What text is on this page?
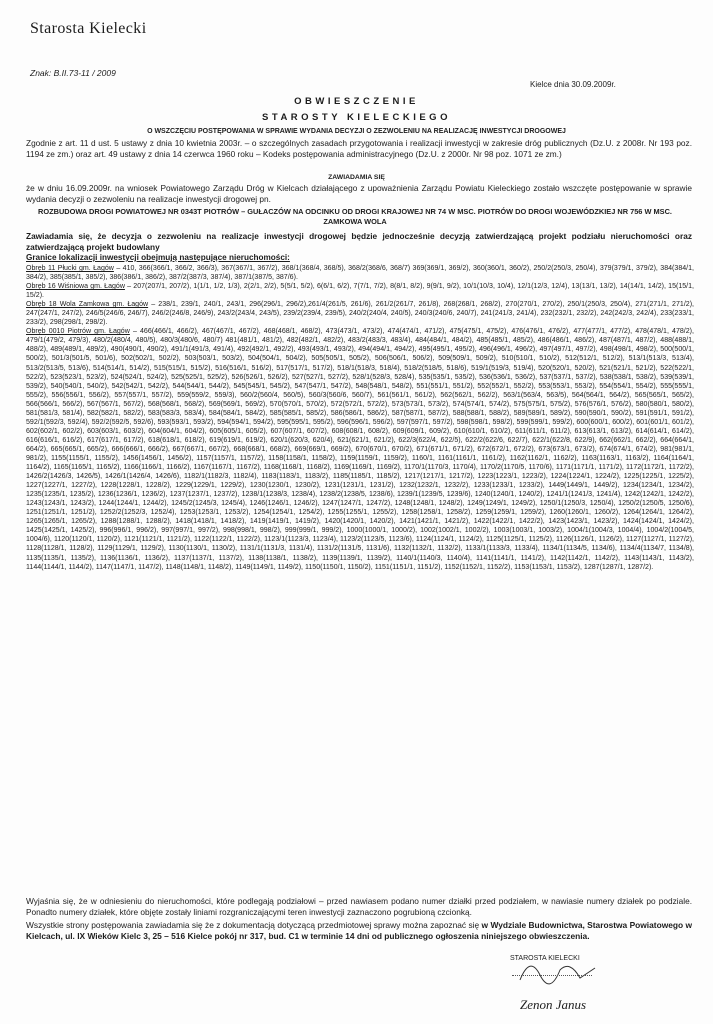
Starosta Kielecki
Znak: B.II.73-11 / 2009
Kielce dnia 30.09.2009r.
OBWIESZCZENIE
STAROSTY KIELECKIEGO
O WSZCZĘCIU POSTĘPOWANIA W SPRAWIE WYDANIA DECYZJI O ZEZWOLENIU NA REALIZACJĘ INWESTYCJI DROGOWEJ
Zgodnie z art. 11 d ust. 5 ustawy z dnia 10 kwietnia 2003r. – o szczególnych zasadach przygotowania i realizacji inwestycji w zakresie dróg publicznych (Dz.U. z 2008r. Nr 193 poz. 1194 ze zm.) oraz art. 49 ustawy z dnia 14 czerwca 1960 roku – Kodeks postępowania administracyjnego (Dz.U. z 2000r. Nr 98 poz. 1071 ze zm.)
ZAWIADAMIA SIĘ
że w dniu 16.09.2009r. na wniosek Powiatowego Zarządu Dróg w Kielcach działającego z upoważnienia Zarządu Powiatu Kieleckiego zostało wszczęte postępowanie w sprawie wydania decyzji o zezwoleniu na realizacje inwestycji drogowej pn.
ROZBUDOWA DROGI POWIATOWEJ NR 0343T PIOTRÓW – GUŁACZÓW NA ODCINKU OD DROGI KRAJOWEJ NR 74 W MSC. PIOTRÓW DO DROGI WOJEWÓDZKIEJ NR 756 W MSC. ZAMKOWA WOLA
Zawiadamia się, że decyzja o zezwoleniu na realizacje inwestycji drogowej będzie jednocześnie decyzją zatwierdzającą projekt podziału nieruchomości oraz zatwierdzającą projekt budowlany
Granice lokalizacji inwestycji obejmują następujące nieruchomości:

Obręb 11 Płucki gm. Łagów – 410, 366(366/1, 366/2, 366/3), 367(367/1, 367/2), 368/1(368/4, 368/5), 368/2(368/6, 368/7) 369(369/1, 369/2), 360(360/1, 360/2), 250/2(250/3, 250/4), 379(379/1, 379/2), 384(384/1, 384/2), 385(385/1, 385/2), 386(386/1, 386/2), 387/2(387/3, 387/4), 387/1(387/5, 387/6).

Obręb 16 Wiśniowa gm. Łagów – 207(207/1, 207/2), 1(1/1, 1/2, 1/3), 2(2/1, 2/2), 5(5/1, 5/2), 6(6/1, 6/2), 7(7/1, 7/2), 8(8/1, 8/2), 9(9/1, 9/2), 10/1(10/3, 10/4), 12/1(12/3, 12/4), 13(13/1, 13/2), 14(14/1, 14/2), 15(15/1, 15/2).

Obręb 18 Wola Zamkowa gm. Łagów – 238/1, 239/1, 240/1, 243/1, 296(296/1, 296/2),261/4(261/5, 261/6), 261/2(261/7, 261/8), 268(268/1, 268/2), 270(270/1, 270/2), 250/1(250/3, 250/4), 271(271/1, 271/2), 247(247/1, 247/2), 246/5(246/6, 246/7), 246/2(246/8, 246/9), 243/2(243/4, 243/5), 239/2(239/4, 239/5), 240/2(240/4, 240/5), 240/3(240/6, 240/7), 241(241/3, 241/4), 232(232/1, 232/2), 242(242/3, 242/4), 233(233/1, 233/2), 298(298/1, 298/2).

Obręb 0010 Piotrów gm. Łagów – 466(466/1, 466/2), 467(467/1, 467/2), 468(468/1, 468/2), 473(473/1, 473/2), 474(474/1, 471/2), 475(475/1, 475/2), 476(476/1, 476/2), 477(477/1, 477/2), 478(478/1, 478/2), 479/1(479/2, 479/3), 480/2(480/4, 480/5), 480/3(480/6, 480/7) 481(481/1, 481/2), 482(482/1, 482/2), 483/2(483/3, 483/4), 484(484/1, 484/2), 485(485/1, 485/2), 486(486/1, 486/2), 487(487/1, 487/2), 488(488/1, 488/2), 489(489/1, 489/2), 490(490/1, 490/2), 491/1(491/3, 491/4), 492(492/1, 492/2), 493(493/1, 493/2), 494(494/1, 494/2), 495(495/1, 495/2), 496(496/1, 496/2), 497(497/1, 497/2), 498(498/1, 498/2), 500(500/1, 500/2), 501/3(501/5, 501/6), 502(502/1, 502/2), 503(503/1, 503/2), 504(504/1, 504/2), 505(505/1, 505/2), 506(506/1, 506/2), 509(509/1, 509/2), 510(510/1, 510/2), 512(512/1, 512/2), 513/1(513/3, 513/4), 513/2(513/5, 513/6), 514(514/1, 514/2), 515(515/1, 515/2), 516(516/1, 516/2), 517(517/1, 517/2), 518/1(518/3, 518/4), 518/2(518/5, 518/6), 519/1(519/3, 519/4), 520(520/1, 520/2), 521(521/1, 521/2), 522(522/1, 522/2), 523(523/1, 523/2), 524(524/1, 524/2), 525(525/1, 525/2), 526(526/1, 526/2), 527(527/1, 527/2), 528/1(528/3, 528/4), 535(535/1, 535/2), 536(536/1, 536/2), 537(537/1, 537/2), 538(538/1, 538/2), 539(539/1, 539/2), 540(540/1, 540/2), 542(542/1, 542/2), 544(544/1, 544/2), 545(545/1, 545/2), 547(547/1, 547/2), 548(548/1, 548/2), 551(551/1, 551/2), 552(552/1, 552/2), 553(553/1, 553/2), 554(554/1, 554/2), 555(555/1, 555/2), 556(556/1, 556/2), 557(557/1, 557/2), 559(559/2, 559/3), 560/2(560/4, 560/5), 560/3(560/6, 560/7), 561(561/1, 561/2), 562(562/1, 562/2), 563/1(563/4, 563/5), 564(564/1, 564/2), 565(565/1, 565/2), 566(566/1, 566/2), 567(567/1, 567/2), 568(568/1, 568/2), 569(569/1, 569/2), 570(570/1, 570/2), 572(572/1, 572/2), 573(573/1, 573/2), 574(574/1, 574/2), 575(575/1, 575/2), 576(576/1, 576/2), 580(580/1, 580/2), 581(581/3, 581/4), 582(582/1, 582/2), 583(583/3, 583/4), 584(584/1, 584/2), 585(585/1, 585/2), 586(586/1, 586/2), 587(587/1, 587/2), 588(588/1, 588/2), 589(589/1, 589/2), 590(590/1, 590/2), 591(591/1, 591/2), 592/1(592/3, 592/4), 592/2(592/5, 592/6), 593(593/1, 593/2), 594(594/1, 594/2), 595(595/1, 595/2), 596(596/1, 596/2), 597(597/1, 597/2), 598(598/1, 598/2), 599(599/1, 599/2), 600(600/1, 600/2), 601(601/1, 601/2), 602(602/1, 602/2), 603(603/1, 603/2), 604(604/1, 604/2), 605(605/1, 605/2), 607(607/1, 607/2), 608(608/1, 608/2), 609(609/1, 609/2), 610(610/1, 610/2), 611(611/1, 611/2), 613(613/1, 613/2), 614(614/1, 614/2), 616(616/1, 616/2), 617(617/1, 617/2), 618(618/1, 618/2), 619(619/1, 619/2), 620/1(620/3, 620/4), 621(621/1, 621/2), 622/3(622/4, 622/5), 622/2(622/6, 622/7), 622/1(622/8, 622/9), 662(662/1, 662/2), 664(664/1, 664/2), 665(665/1, 665/2), 666(666/1, 666/2), 667(667/1, 667/2), 668(668/1, 668/2), 669(669/1, 669/2), 670(670/1, 670/2), 671(671/1, 671/2), 672(672/1, 672/2), 673(673/1, 673/2), 674(674/1, 674/2), 981(981/1, 981/2), 1155(1155/1, 1155/2), 1456(1456/1, 1456/2), 1157(1157/1, 1157/2), 1158(1158/1, 1158/2), 1159(1159/1, 1159/2), 1160/1, 1161(1161/1, 1161/2), 1162(1162/1, 1162/2), 1163(1163/1, 1163/2), 1164(1164/1, 1164/2), 1165(1165/1, 1165/2), 1166(1166/1, 1166/2), 1167(1167/1, 1167/2), 1168(1168/1, 1168/2), 1169(1169/1, 1169/2), 1170/1(1170/3, 1170/4), 1170/2(1170/5, 1170/6), 1171(1171/1, 1171/2), 1172(1172/1, 1172/2), 1426/2(1426/3, 1426/5), 1426/1(1426/4, 1426/6), 1182/1(1182/3, 1182/4), 1183(1183/1, 1183/2), 1185(1185/1, 1185/2), 1217(1217/1, 1217/2), 1223(1223/1, 1223/2), 1224(1224/1, 1224/2), 1225(1225/1, 1225/2), 1227(1227/1, 1227/2), 1228(1228/1, 1228/2), 1229(1229/1, 1229/2), 1230(1230/1, 1230/2), 1231(1231/1, 1231/2), 1232(1232/1, 1232/2), 1233(1233/1, 1233/2), 1449(1449/1, 1449/2), 1234(1234/1, 1234/2), 1235(1235/1, 1235/2), 1236(1236/1, 1236/2), 1237(1237/1, 1237/2), 1238/1(1238/3, 1238/4), 1238/2(1238/5, 1238/6), 1239/1(1239/5, 1239/6), 1240(1240/1, 1240/2), 1241/1(1241/3, 1241/4), 1242(1242/1, 1242/2), 1243(1243/1, 1243/2), 1244(1244/1, 1244/2), 1245/2(1245/3, 1245/4), 1246(1246/1, 1246/2), 1247(1247/1, 1247/2), 1248(1248/1, 1248/2), 1249(1249/1, 1249/2), 1250/1(1250/3, 1250/4), 1250/2(1250/5, 1250/6), 1251(1251/1, 1251/2), 1252/2(1252/3, 1252/4), 1253(1253/1, 1253/2), 1254(1254/1, 1254/2), 1255(1255/1, 1255/2), 1258(1258/1, 1258/2), 1259(1259/1, 1259/2), 1260(1260/1, 1260/2), 1264(1264/1, 1264/2), 1265(1265/1, 1265/2), 1288(1288/1, 1288/2), 1418(1418/1, 1418/2), 1419(1419/1, 1419/2), 1420(1420/1, 1420/2), 1421(1421/1, 1421/2), 1422(1422/1, 1422/2), 1423(1423/1, 1423/2), 1424(1424/1, 1424/2), 1425(1425/1, 1425/2), 996(996/1, 996/2), 997(997/1, 997/2), 998(998/1, 998/2), 999(999/1, 999/2), 1000(1000/1, 1000/2), 1002(1002/1, 1002/2), 1003(1003/1, 1003/2), 1004/1(1004/3, 1004/4), 1004/2(1004/5, 1004/6), 1120(1120/1, 1120/2), 1121(1121/1, 1121/2), 1122(1122/1, 1122/2), 1123/1(1123/3, 1123/4), 1123/2(1123/5, 1123/6), 1124(1124/1, 1124/2), 1125(1125/1, 1125/2), 1126(1126/1, 1126/2), 1127(1127/1, 1127/2), 1128(1128/1, 1128/2), 1129(1129/1, 1129/2), 1130(1130/1, 1130/2), 1131/1(1131/3, 1131/4), 1131/2(1131/5, 1131/6), 1132(1132/1, 1132/2), 1133/1(1133/3, 1133/4), 1134/1(1134/5, 1134/6), 1134/4(1134/7, 1134/8), 1135(1135/1, 1135/2), 1136(1136/1, 1136/2), 1137(1137/1, 1137/2), 1138(1138/1, 1138/2), 1139(1139/1, 1139/2), 1140/1(1140/3, 1140/4), 1141(1141/1, 1141/2), 1142(1142/1, 1142/2), 1143(1143/1, 1143/2), 1144(1144/1, 1144/2), 1147(1147/1, 1147/2), 1148(1148/1, 1148/2), 1149(1149/1, 1149/2), 1150(1150/1, 1150/2), 1151(1151/1, 1151/2), 1152(1152/1, 1152/2), 1153(1153/1, 1153/2), 1287(1287/1, 1287/2).

Wyjaśnia się, że w odniesieniu do nieruchomości, które podlegają podziałowi – przed nawiasem podano numer działki przed podziałem, w nawiasie numery działek po podziale. Ponadto numery działek, które objęte zostały liniami rozgraniczającymi teren inwestycji zaznaczono pogrubioną czcionką.
Wszystkie strony postępowania zawiadamia się że z dokumentacją dotyczącą przedmiotowej sprawy można zapoznać się w Wydziale Budownictwa, Starostwa Powiatowego w Kielcach, ul. IX Wieków Kielc 3, 25 – 516 Kielce pokój nr 317, bud. C1 w terminie 14 dni od publicznego ogłoszenia niniejszego obwieszczenia.
STAROSTA KIELECKI
Zenon Janus
